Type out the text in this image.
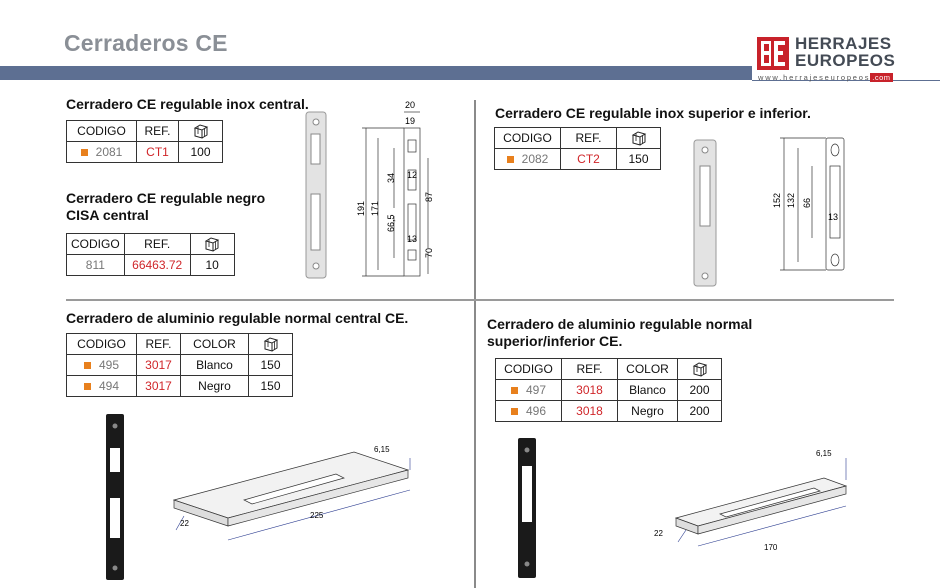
Cerraderos CE	HERRAJES
EUROPEOS
www.herrajeseuropeos .com
Cerradero CE regulable inox central.
CODIGO	REF.	
2081	CT1	100
Cerradero CE regulable negro
CISA central
CODIGO	REF.	
811	66463.72	10
20
19
12
34
191 171
66,5
87
13
70
Cerradero CE regulable inox superior e inferior.
CODIGO	REF.	
2082	CT2	150
152 132 66
13
Cerradero de aluminio regulable normal central CE.
CODIGO	REF.	COLOR	
495	3017	Blanco	150
494	3017	Negro	150
6,15
22
225
Cerradero de aluminio regulable normal
superior/inferior CE.
CODIGO	REF.	COLOR	
497	3018	Blanco	200
496	3018	Negro	200
6,15
22
170
